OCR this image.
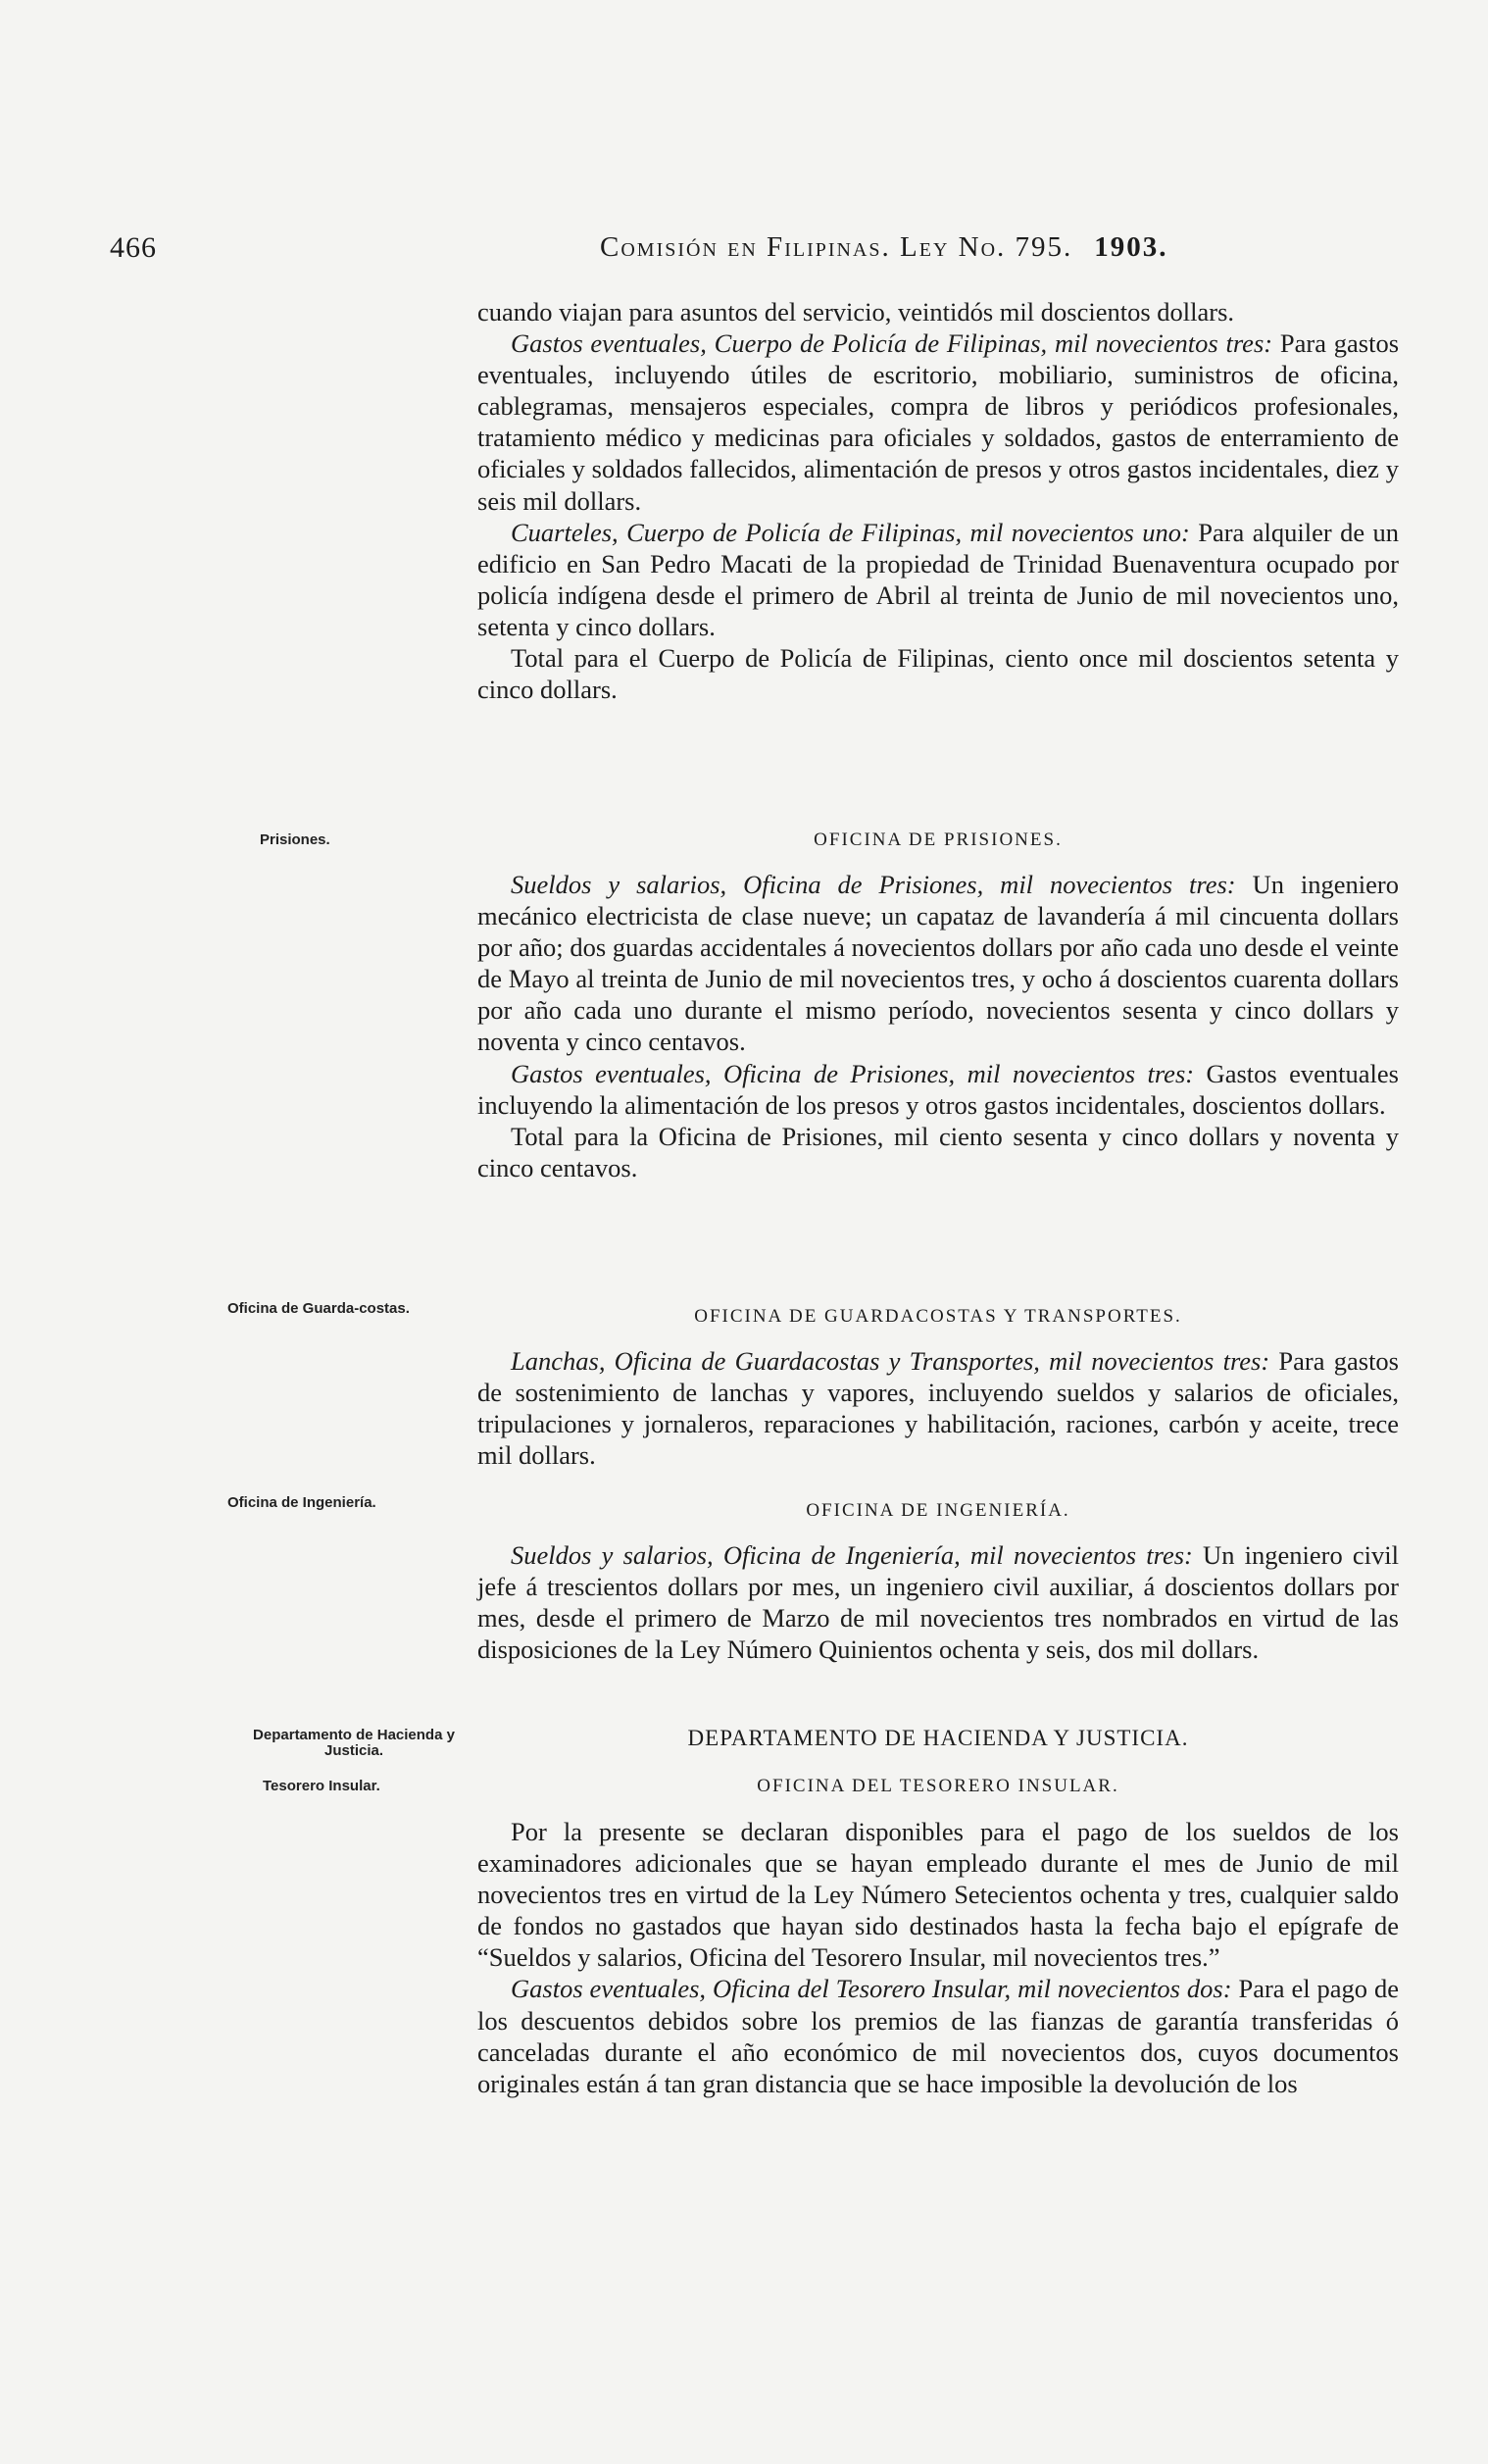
466	Comisión en Filipinas. Ley No. 795. 1903.

cuando viajan para asuntos del servicio, veintidós mil doscientos dollars.

Gastos eventuales, Cuerpo de Policía de Filipinas, mil novecientos tres: Para gastos eventuales, incluyendo útiles de escritorio, mobiliario, suministros de oficina, cablegramas, mensajeros especiales, compra de libros y periódicos profesionales, tratamiento médico y medicinas para oficiales y soldados, gastos de enterramiento de oficiales y soldados fallecidos, alimentación de presos y otros gastos incidentales, diez y seis mil dollars.

Cuarteles, Cuerpo de Policía de Filipinas, mil novecientos uno: Para alquiler de un edificio en San Pedro Macati de la propiedad de Trinidad Buenaventura ocupado por policía indígena desde el primero de Abril al treinta de Junio de mil novecientos uno, setenta y cinco dollars.

Total para el Cuerpo de Policía de Filipinas, ciento once mil doscientos setenta y cinco dollars.

Prisiones.	OFICINA DE PRISIONES.

Sueldos y salarios, Oficina de Prisiones, mil novecientos tres: Un ingeniero mecánico electricista de clase nueve; un capataz de lavandería á mil cincuenta dollars por año; dos guardas accidentales á novecientos dollars por año cada uno desde el veinte de Mayo al treinta de Junio de mil novecientos tres, y ocho á doscientos cuarenta dollars por año cada uno durante el mismo período, novecientos sesenta y cinco dollars y noventa y cinco centavos.

Gastos eventuales, Oficina de Prisiones, mil novecientos tres: Gastos eventuales incluyendo la alimentación de los presos y otros gastos incidentales, doscientos dollars.

Total para la Oficina de Prisiones, mil ciento sesenta y cinco dollars y noventa y cinco centavos.

Oficina de Guarda-costas.	OFICINA DE GUARDACOSTAS Y TRANSPORTES.

Lanchas, Oficina de Guardacostas y Transportes, mil novecientos tres: Para gastos de sostenimiento de lanchas y vapores, incluyendo sueldos y salarios de oficiales, tripulaciones y jornaleros, reparaciones y habilitación, raciones, carbón y aceite, trece mil dollars.

Oficina de Ingeniería.	OFICINA DE INGENIERÍA.

Sueldos y salarios, Oficina de Ingeniería, mil novecientos tres: Un ingeniero civil jefe á trescientos dollars por mes, un ingeniero civil auxiliar, á doscientos dollars por mes, desde el primero de Marzo de mil novecientos tres nombrados en virtud de las disposiciones de la Ley Número Quinientos ochenta y seis, dos mil dollars.

Departamento de Hacienda y Justicia.
Tesorero Insular.
DEPARTAMENTO DE HACIENDA Y JUSTICIA.
OFICINA DEL TESORERO INSULAR.

Por la presente se declaran disponibles para el pago de los sueldos de los examinadores adicionales que se hayan empleado durante el mes de Junio de mil novecientos tres en virtud de la Ley Número Setecientos ochenta y tres, cualquier saldo de fondos no gastados que hayan sido destinados hasta la fecha bajo el epígrafe de “Sueldos y salarios, Oficina del Tesorero Insular, mil novecientos tres.”

Gastos eventuales, Oficina del Tesorero Insular, mil novecientos dos: Para el pago de los descuentos debidos sobre los premios de las fianzas de garantía transferidas ó canceladas durante el año económico de mil novecientos dos, cuyos documentos originales están á tan gran distancia que se hace imposible la devolución de los
